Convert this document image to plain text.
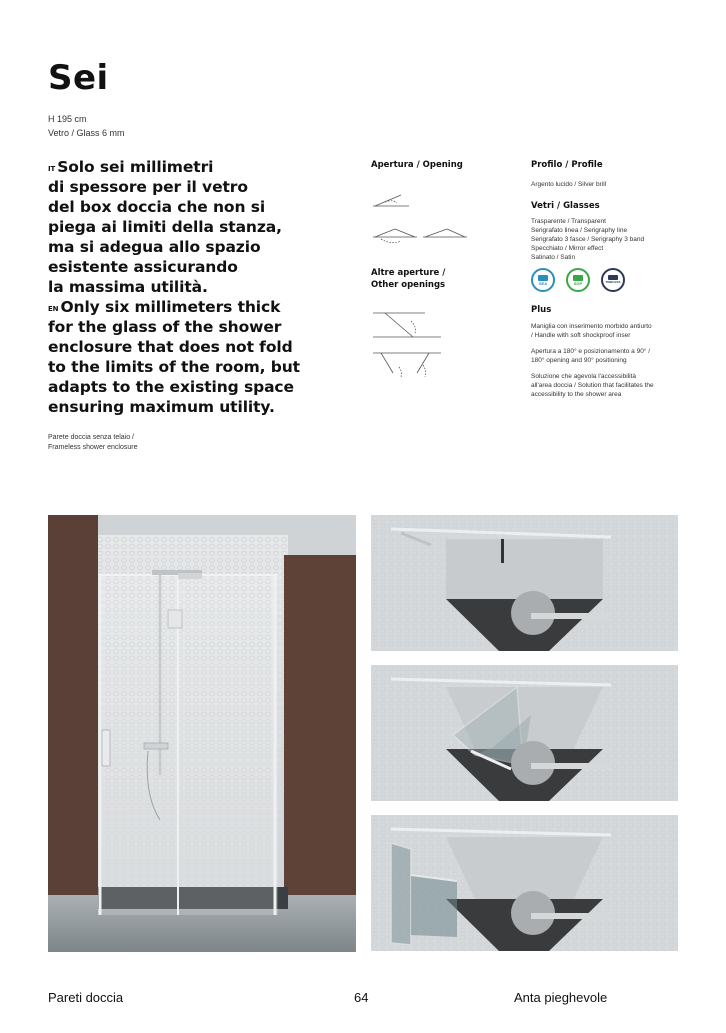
Sei
H 195 cm
Vetro / Glass 6 mm
$^{IT}$ Solo sei millimetri
di spessore per il vetro
del box doccia che non si
piega ai limiti della stanza,
ma si adegua allo spazio
esistente assicurando
la massima utilità.
$^{EN}$ Only six millimeters thick
for the glass of the shower
enclosure that does not fold
to the limits of the room, but
adapts to the existing space
ensuring maximum utility.
Parete doccia senza telaio /
Frameless shower enclosure
Apertura / Opening
Altre aperture /
Other openings
Profilo / Profile
Argento lucido / Silver brill
Vetri / Glasses
Trasparente / Transparent
Serigrafato linea / Serigraphy line
Serigrafato 3 fasce / Serigraphy 3 band
Specchiato / Mirror effect
Satinato / Satin
SEA	SGP	TIMELESS
Plus
Maniglia con inserimento morbido antiurto
/ Handle with soft shockproof inser
Apertura a 180° e posizionamento a 90° /
180° opening and 90° positioning
Soluzione che agevola l'accessibilità
all'area doccia / Solution that facilitates the
accessibility to the shower area
Pareti doccia	64	Anta pieghevole
